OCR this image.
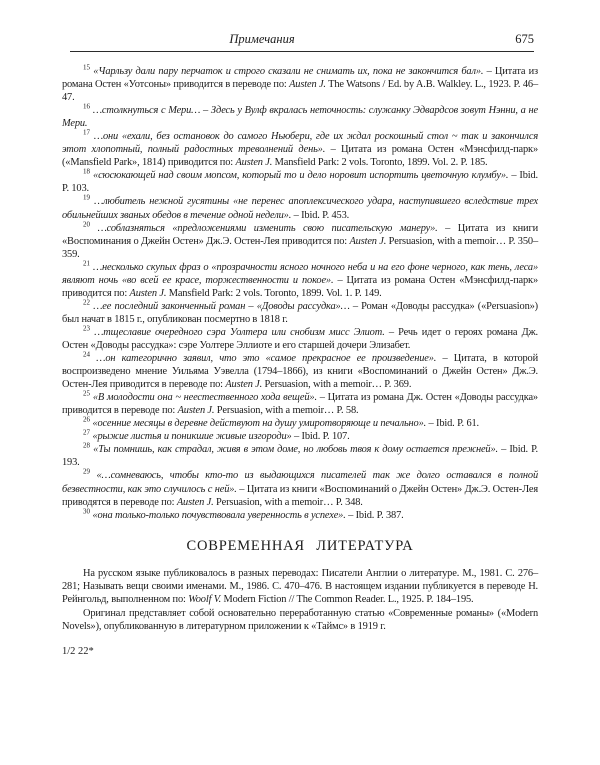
Примечания	675

$^{15}$ «Чарльзу дали пару перчаток и строго сказали не снимать их, пока не закончится бал». – Цитата из романа Остен «Уотсоны» приводится в переводе по: Austen J. The Watsons / Ed. by A.B. Walkley. L., 1923. P. 46–47.

$^{16}$ …столкнуться с Мери… – Здесь у Вулф вкралась неточность: служанку Эдвардсов зовут Нэнни, а не Мери.

$^{17}$ …они «ехали, без остановок до самого Ньюбери, где их ждал роскошный стол ~ так и закончился этот хлопотный, полный радостных треволнений день». – Цитата из романа Остен «Мэнсфилд-парк» («Mansfield Park», 1814) приводится по: Austen J. Mansfield Park: 2 vols. Toronto, 1899. Vol. 2. P. 185.

$^{18}$ «сюсюкающей над своим мопсом, который то и дело норовит испортить цветочную клумбу». – Ibid. P. 103.

$^{19}$ …любитель нежной гусятины «не перенес апоплексического удара, наступившего вследствие трех обильнейших званых обедов в течение одной недели». – Ibid. P. 453.

$^{20}$ …соблазняться «предложениями изменить свою писательскую манеру». – Цитата из книги «Воспоминания о Джейн Остен» Дж.Э. Остен-Лея приводится по: Austen J. Persuasion, with a memoir… P. 350–359.

$^{21}$ …несколько скупых фраз о «прозрачности ясного ночного неба и на его фоне черного, как тень, леса» являют ночь «во всей ее красе, торжественности и покое». – Цитата из романа Остен «Мэнсфилд-парк» приводится по: Austen J. Mansfield Park: 2 vols. Toronto, 1899. Vol. 1. P. 149.

$^{22}$ …ее последний законченный роман – «Доводы рассудка»… – Роман «Доводы рассудка» («Persuasion») был начат в 1815 г., опубликован посмертно в 1818 г.

$^{23}$ …тщеславие очередного сэра Уолтера или снобизм мисс Элиот. – Речь идет о героях романа Дж. Остен «Доводы рассудка»: сэре Уолтере Эллиоте и его старшей дочери Элизабет.

$^{24}$ …он категорично заявил, что это «самое прекрасное ее произведение». – Цитата, в которой воспроизведено мнение Уильяма Уэвелла (1794–1866), из книги «Воспоминаний о Джейн Остен» Дж.Э. Остен-Лея приводится в переводе по: Austen J. Persuasion, with a memoir… P. 369.

$^{25}$ «В молодости она ~ неестественного хода вещей». – Цитата из романа Дж. Остен «Доводы рассудка» приводится в переводе по: Austen J. Persuasion, with a memoir… P. 58.

$^{26}$ «осенние месяцы в деревне действуют на душу умиротворяюще и печально». – Ibid. P. 61.

$^{27}$ «рыжие листья и поникшие живые изгороди» – Ibid. P. 107.

$^{28}$ «Ты помнишь, как страдал, живя в этом доме, но любовь твоя к дому остается прежней». – Ibid. P. 193.

$^{29}$ «…сомневаюсь, чтобы кто-то из выдающихся писателей так же долго оставался в полной безвестности, как это случилось с ней». – Цитата из книги «Воспоминаний о Джейн Остен» Дж.Э. Остен-Лея приводятся в переводе по: Austen J. Persuasion, with a memoir… P. 348.

$^{30}$ «она только-только почувствовала уверенность в успехе». – Ibid. P. 387.

СОВРЕМЕННАЯ ЛИТЕРАТУРА

На русском языке публиковалось в разных переводах: Писатели Англии о литературе. М., 1981. С. 276–281; Называть вещи своими именами. М., 1986. С. 470–476. В настоящем издании публикуется в переводе Н. Рейнгольд, выполненном по: Woolf V. Modern Fiction // The Common Reader. L., 1925. P. 184–195.

Оригинал представляет собой основательно переработанную статью «Современные романы» («Modern Novels»), опубликованную в литературном приложении к «Таймс» в 1919 г.

1/2 22*
